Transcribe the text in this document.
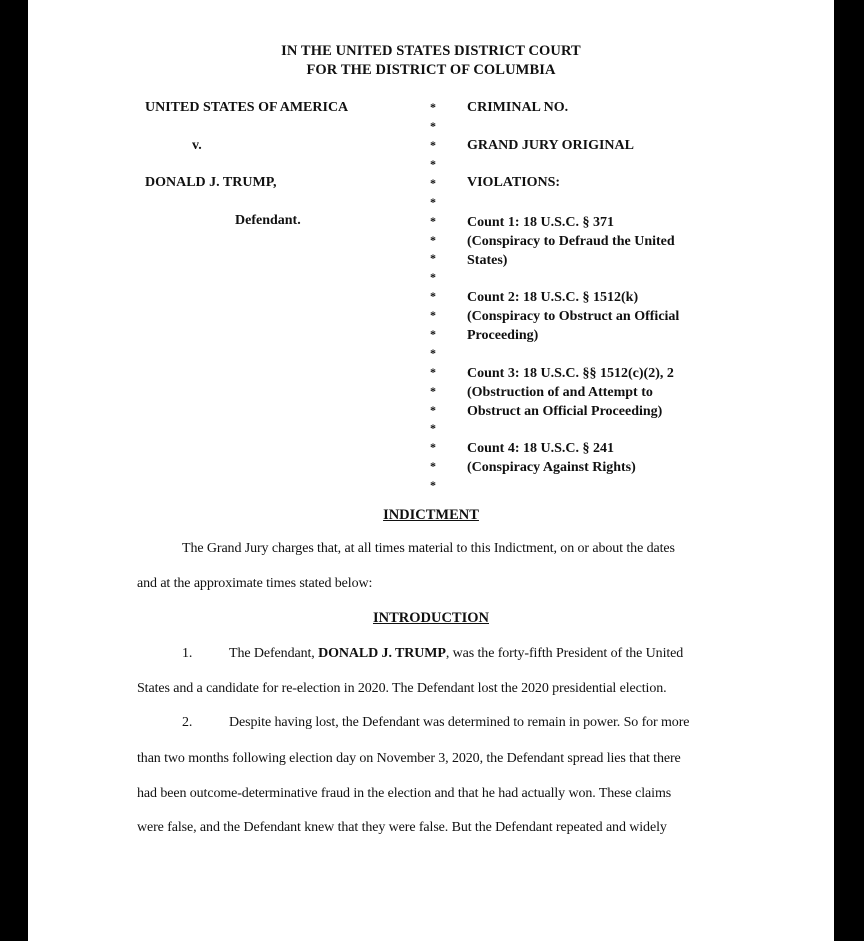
IN THE UNITED STATES DISTRICT COURT
FOR THE DISTRICT OF COLUMBIA
UNITED STATES OF AMERICA
v.
DONALD J. TRUMP,
Defendant.
*
*
*
*
*
*
*
*
*
*
*
*
*
*
*
*
*
*
*
*
*
CRIMINAL NO.
GRAND JURY ORIGINAL
VIOLATIONS:
Count 1: 18 U.S.C. § 371
(Conspiracy to Defraud the United
States)
Count 2: 18 U.S.C. § 1512(k)
(Conspiracy to Obstruct an Official
Proceeding)
Count 3: 18 U.S.C. §§ 1512(c)(2), 2
(Obstruction of and Attempt to
Obstruct an Official Proceeding)
Count 4: 18 U.S.C. § 241
(Conspiracy Against Rights)
INDICTMENT
The Grand Jury charges that, at all times material to this Indictment, on or about the dates
and at the approximate times stated below:
INTRODUCTION
1.	The Defendant, DONALD J. TRUMP, was the forty-fifth President of the United
States and a candidate for re-election in 2020. The Defendant lost the 2020 presidential election.
2.	Despite having lost, the Defendant was determined to remain in power. So for more
than two months following election day on November 3, 2020, the Defendant spread lies that there
had been outcome-determinative fraud in the election and that he had actually won. These claims
were false, and the Defendant knew that they were false. But the Defendant repeated and widely
